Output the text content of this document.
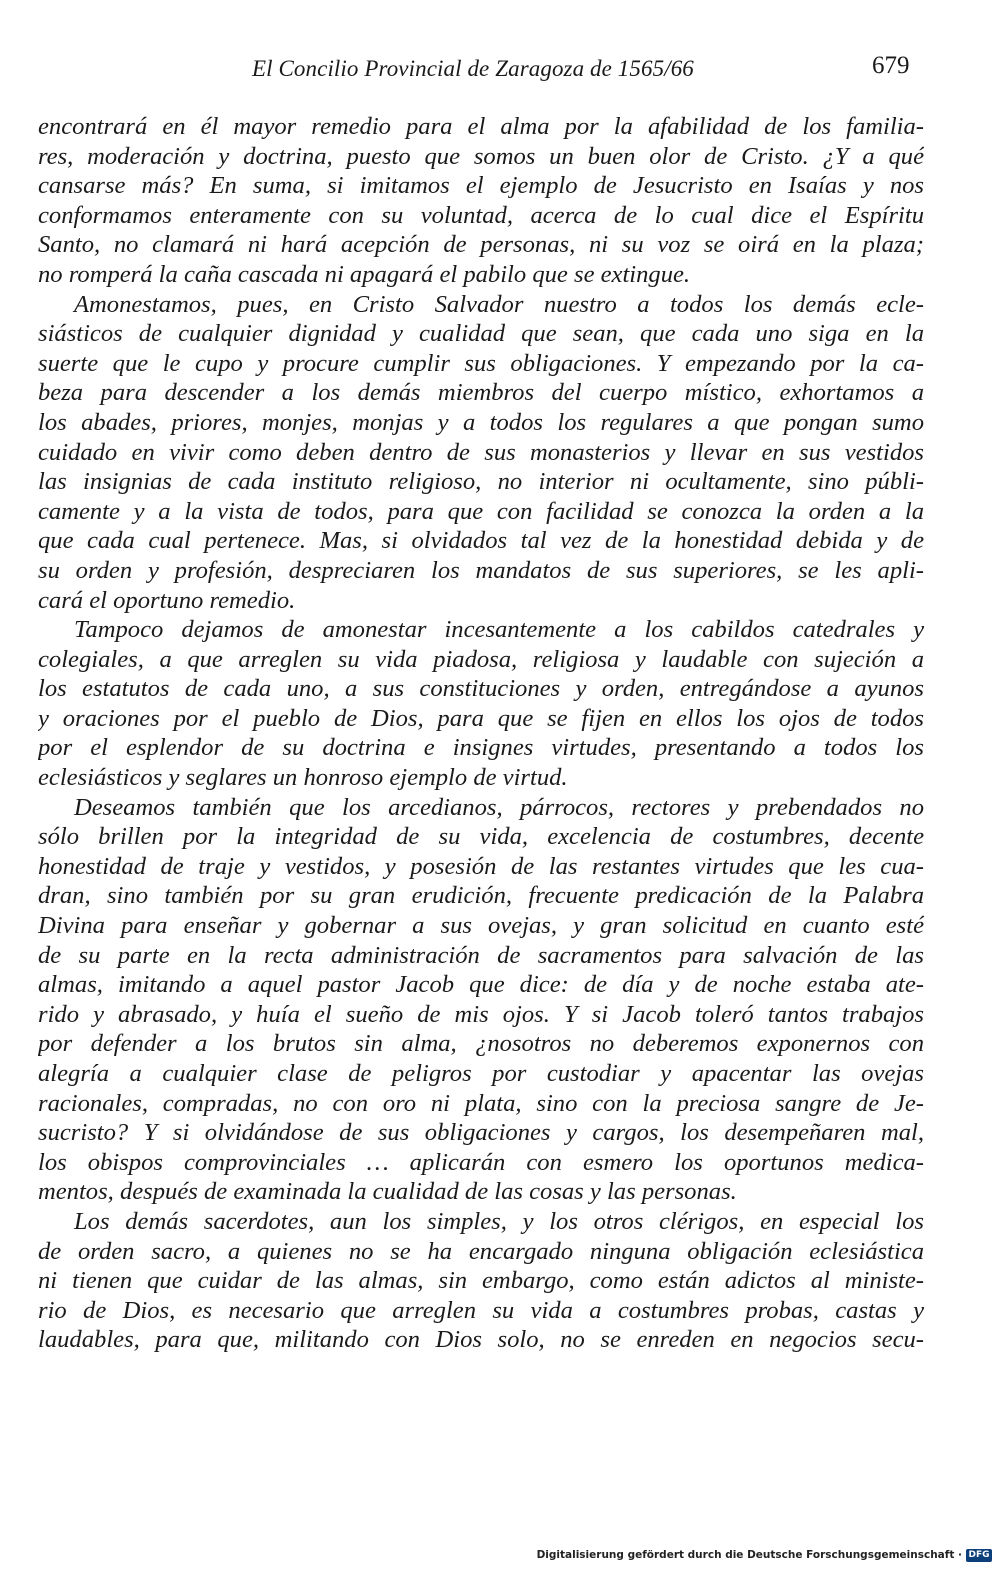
El Concilio Provincial de Zaragoza de 1565/66	679
encontrará en él mayor remedio para el alma por la afabilidad de los familia-
res, moderación y doctrina, puesto que somos un buen olor de Cristo. ¿Y a qué
cansarse más? En suma, si imitamos el ejemplo de Jesucristo en Isaías y nos
conformamos enteramente con su voluntad, acerca de lo cual dice el Espíritu
Santo, no clamará ni hará acepción de personas, ni su voz se oirá en la plaza;
no romperá la caña cascada ni apagará el pabilo que se extingue.
Amonestamos, pues, en Cristo Salvador nuestro a todos los demás ecle-
siásticos de cualquier dignidad y cualidad que sean, que cada uno siga en la
suerte que le cupo y procure cumplir sus obligaciones. Y empezando por la ca-
beza para descender a los demás miembros del cuerpo místico, exhortamos a
los abades, priores, monjes, monjas y a todos los regulares a que pongan sumo
cuidado en vivir como deben dentro de sus monasterios y llevar en sus vestidos
las insignias de cada instituto religioso, no interior ni ocultamente, sino públi-
camente y a la vista de todos, para que con facilidad se conozca la orden a la
que cada cual pertenece. Mas, si olvidados tal vez de la honestidad debida y de
su orden y profesión, despreciaren los mandatos de sus superiores, se les apli-
cará el oportuno remedio.
Tampoco dejamos de amonestar incesantemente a los cabildos catedrales y
colegiales, a que arreglen su vida piadosa, religiosa y laudable con sujeción a
los estatutos de cada uno, a sus constituciones y orden, entregándose a ayunos
y oraciones por el pueblo de Dios, para que se fijen en ellos los ojos de todos
por el esplendor de su doctrina e insignes virtudes, presentando a todos los
eclesiásticos y seglares un honroso ejemplo de virtud.
Deseamos también que los arcedianos, párrocos, rectores y prebendados no
sólo brillen por la integridad de su vida, excelencia de costumbres, decente
honestidad de traje y vestidos, y posesión de las restantes virtudes que les cua-
dran, sino también por su gran erudición, frecuente predicación de la Palabra
Divina para enseñar y gobernar a sus ovejas, y gran solicitud en cuanto esté
de su parte en la recta administración de sacramentos para salvación de las
almas, imitando a aquel pastor Jacob que dice: de día y de noche estaba ate-
rido y abrasado, y huía el sueño de mis ojos. Y si Jacob toleró tantos trabajos
por defender a los brutos sin alma, ¿nosotros no deberemos exponernos con
alegría a cualquier clase de peligros por custodiar y apacentar las ovejas
racionales, compradas, no con oro ni plata, sino con la preciosa sangre de Je-
sucristo? Y si olvidándose de sus obligaciones y cargos, los desempeñaren mal,
los obispos comprovinciales … aplicarán con esmero los oportunos medica-
mentos, después de examinada la cualidad de las cosas y las personas.
Los demás sacerdotes, aun los simples, y los otros clérigos, en especial los
de orden sacro, a quienes no se ha encargado ninguna obligación eclesiástica
ni tienen que cuidar de las almas, sin embargo, como están adictos al ministe-
rio de Dios, es necesario que arreglen su vida a costumbres probas, castas y
laudables, para que, militando con Dios solo, no se enreden en negocios secu-
Digitalisierung gefördert durch die Deutsche Forschungsgemeinschaft · DFG
